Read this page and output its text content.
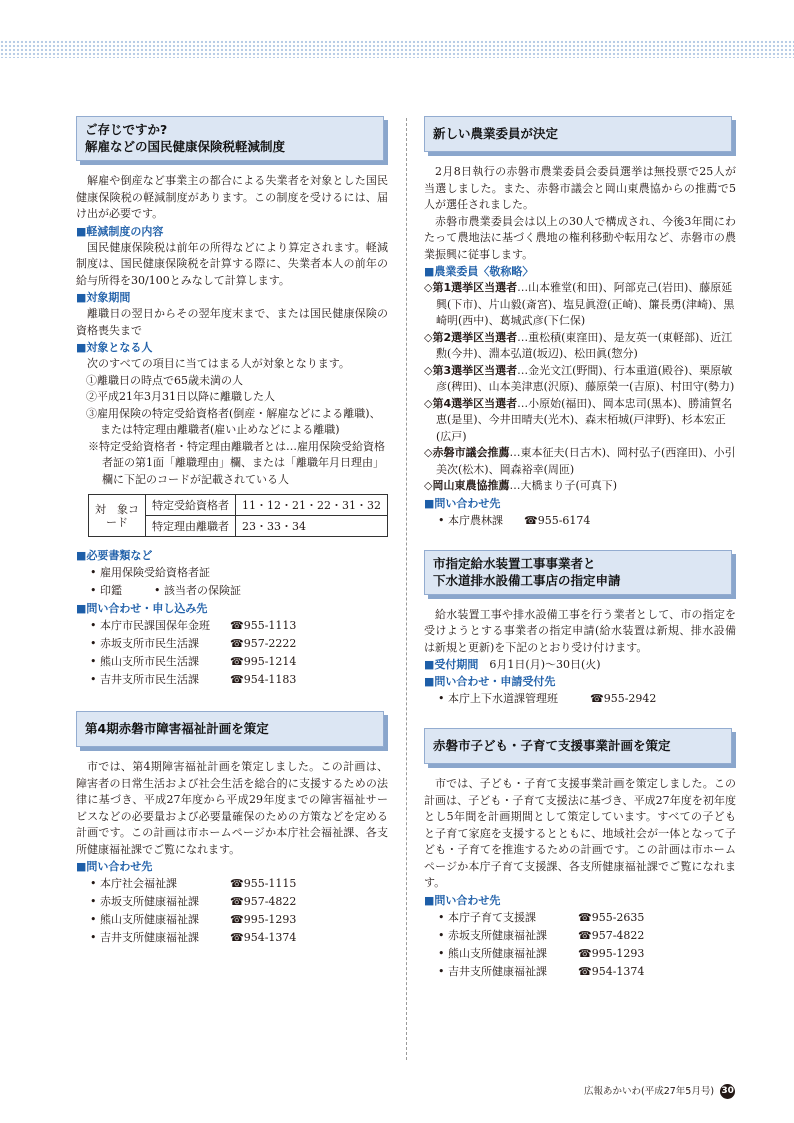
ご存じですか?
解雇などの国民健康保険税軽減制度

解雇や倒産など事業主の都合による失業者を対象とした国民健康保険税の軽減制度があります。この制度を受けるには、届け出が必要です。

■軽減制度の内容

国民健康保険税は前年の所得などにより算定されます。軽減制度は、国民健康保険税を計算する際に、失業者本人の前年の給与所得を30/100とみなして計算します。

■対象期間

離職日の翌日からその翌年度末まで、または国民健康保険の資格喪失まで

■対象となる人

次のすべての項目に当てはまる人が対象となります。

①離職日の時点で65歳未満の人
②平成21年3月31日以降に離職した人
③雇用保険の特定受給資格者(倒産・解雇などによる離職)、または特定理由離職者(雇い止めなどによる離職)

※特定受給資格者・特定理由離職者とは…雇用保険受給資格者証の第1面「離職理由」欄、または「離職年月日理由」欄に下記のコードが記載されている人

対　象コード	特定受給資格者	11・12・21・22・31・32
	特定理由離職者	23・33・34

■必要書類など

• 雇用保険受給資格者証
• 印鑑	• 該当者の保険証

■問い合わせ・申し込み先

• 本庁市民課国保年金班 ☎955-1113
• 赤坂支所市民生活課	☎957-2222
• 熊山支所市民生活課	☎995-1214
• 吉井支所市民生活課	☎954-1183
第4期赤磐市障害福祉計画を策定

市では、第4期障害福祉計画を策定しました。この計画は、障害者の日常生活および社会生活を総合的に支援するための法律に基づき、平成27年度から平成29年度までの障害福祉サービスなどの必要量および必要量確保のための方策などを定める計画です。この計画は市ホームページか本庁社会福祉課、各支所健康福祉課でご覧になれます。

■問い合わせ先

• 本庁社会福祉課	☎955-1115
• 赤坂支所健康福祉課	☎957-4822
• 熊山支所健康福祉課	☎995-1293
• 吉井支所健康福祉課	☎954-1374
新しい農業委員が決定

2月8日執行の赤磐市農業委員会委員選挙は無投票で25人が当選しました。また、赤磐市議会と岡山東農協からの推薦で5人が選任されました。

赤磐市農業委員会は以上の30人で構成され、今後3年間にわたって農地法に基づく農地の権利移動や転用など、赤磐市の農業振興に従事します。

■農業委員〈敬称略〉

◇第1選挙区当選者…山本雅堂(和田)、阿部克己(岩田)、藤原延興(下市)、片山毅(斎宮)、塩見眞澄(正崎)、簾長勇(津崎)、黒崎明(西中)、葛城武彦(下仁保)

◇第2選挙区当選者…重松積(東窪田)、是友英一(東軽部)、近江勲(今井)、淵本弘道(坂辺)、松田眞(惣分)

◇第3選挙区当選者…金光文江(野間)、行本重道(殿谷)、栗原敏彦(稗田)、山本美津恵(沢原)、藤原榮一(吉原)、村田守(勢力)

◇第4選挙区当選者…小原始(福田)、岡本忠司(黒本)、勝浦賀名恵(是里)、今井田晴夫(光木)、森末栢城(戸津野)、杉本宏正(広戸)

◇赤磐市議会推薦…東本征夫(日古木)、岡村弘子(西窪田)、小引美次(松木)、岡森裕幸(周匝)

◇岡山東農協推薦…大橋まり子(可真下)

■問い合わせ先

• 本庁農林課 ☎955-6174
市指定給水装置工事事業者と
下水道排水設備工事店の指定申請

給水装置工事や排水設備工事を行う業者として、市の指定を受けようとする事業者の指定申請(給水装置は新規、排水設備は新規と更新)を下記のとおり受け付けます。

■受付期間　 6月1日(月)～30日(火)

■問い合わせ・申請受付先

• 本庁上下水道課管理班	☎955-2942
赤磐市子ども・子育て支援事業計画を策定

市では、子ども・子育て支援事業計画を策定しました。この計画は、子ども・子育て支援法に基づき、平成27年度を初年度とし5年間を計画期間として策定しています。すべての子どもと子育て家庭を支援するとともに、地域社会が一体となって子ども・子育てを推進するための計画です。この計画は市ホームページか本庁子育て支援課、各支所健康福祉課でご覧になれます。

■問い合わせ先

• 本庁子育て支援課	☎955-2635
• 赤坂支所健康福祉課	☎957-4822
• 熊山支所健康福祉課	☎995-1293
• 吉井支所健康福祉課	☎954-1374
広報あかいわ(平成27年5月号) 30
